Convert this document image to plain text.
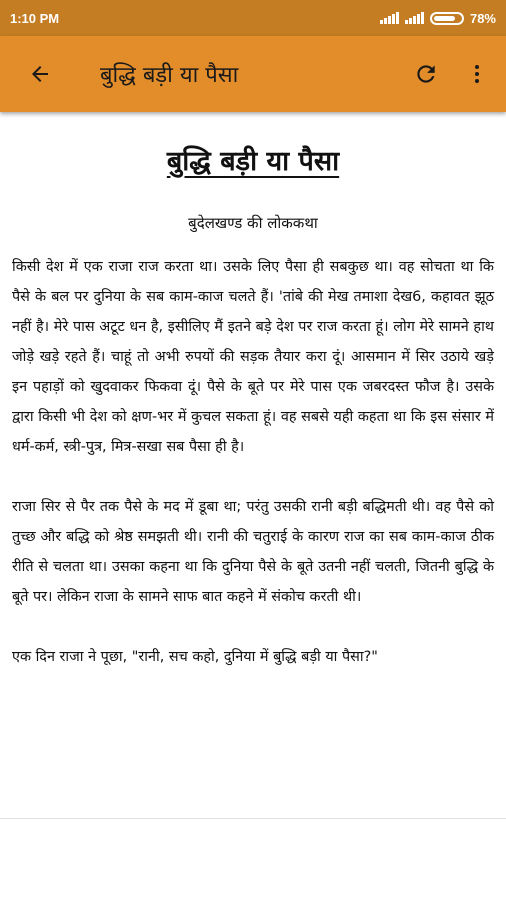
1:10 PM	78%
बुद्धि बड़ी या पैसा
बुद्धि बड़ी या पैसा

बुदेलखण्ड की लोककथा

किसी देश में एक राजा राज करता था। उसके लिए पैसा ही सबकुछ था। वह सोचता था कि पैसे के बल पर दुनिया के सब काम-काज चलते हैं। 'तांबे की मेख तमाशा देख6, कहावत झूठ नहीं है। मेरे पास अटूट धन है, इसीलिए मैं इतने बड़े देश पर राज करता हूं। लोग मेरे सामने हाथ जोड़े खड़े रहते हैं। चाहूं तो अभी रुपयों की सड़क तैयार करा दूं। आसमान में सिर उठाये खड़े इन पहाड़ों को खुदवाकर फिकवा दूं। पैसे के बूते पर मेरे पास एक जबरदस्त फौज है। उसके द्वारा किसी भी देश को क्षण-भर में कुचल सकता हूं। वह सबसे यही कहता था कि इस संसार में धर्म-कर्म, स्त्री-पुत्र, मित्र-सखा सब पैसा ही है।

राजा सिर से पैर तक पैसे के मद में डूबा था; परंतु उसकी रानी बड़ी बद्धिमती थी। वह पैसे को तुच्छ और बद्धि को श्रेष्ठ समझती थी। रानी की चतुराई के कारण राज का सब काम-काज ठीक रीति से चलता था। उसका कहना था कि दुनिया पैसे के बूते उतनी नहीं चलती, जितनी बुद्धि के बूते पर। लेकिन राजा के सामने साफ बात कहने में संकोच करती थी।

एक दिन राजा ने पूछा, "रानी, सच कहो, दुनिया में बुद्धि बड़ी या पैसा?"
